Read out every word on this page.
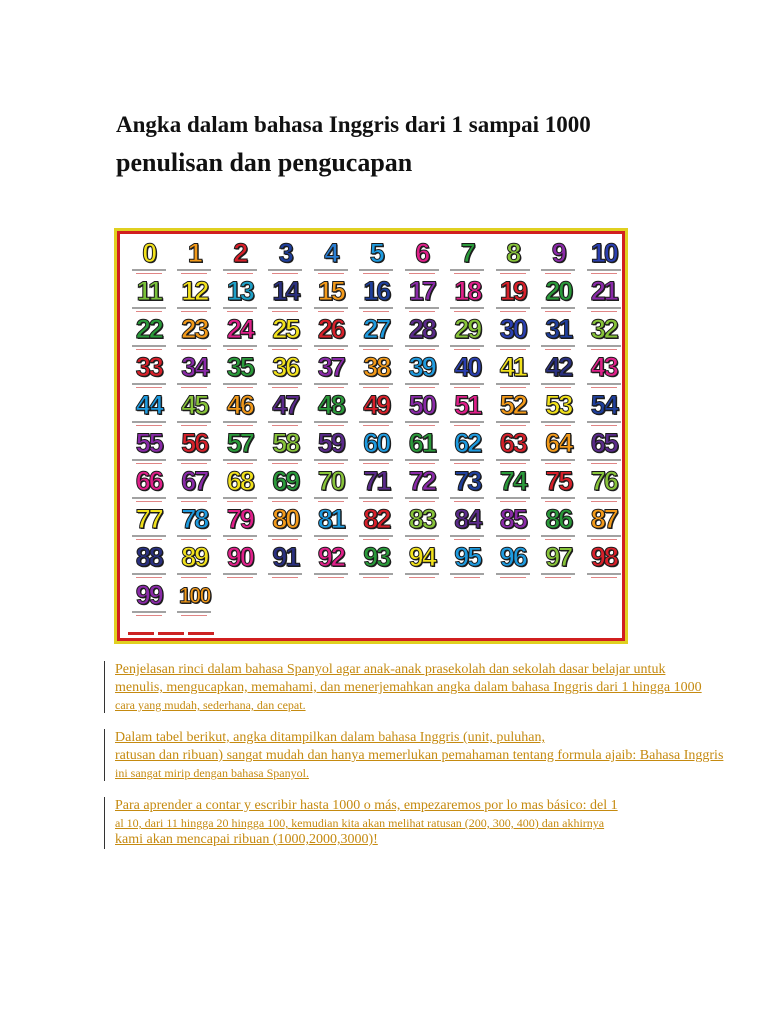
Angka dalam bahasa Inggris dari 1 sampai 1000
penulisan dan pengucapan
0	1	2	3	4	5	6	7	8	9 10
11 12 13 14 15 16 17 18 19 20 21
22 23 24 25 26 27 28 29 30 31 32
33 34 35 36 37 38 39 40 41 42 43
44 45 46 47 48 49 50 51 52 53 54
55 56 57 58 59 60 61 62 63 64 65
66 67 68 69 70 71 72 73 74 75 76
77 78 79 80 81 82 83 84 85 86 87
88 89 90 91 92 93 94 95 96 97 98
99 100
Penjelasan rinci dalam bahasa Spanyol agar anak-anak prasekolah dan sekolah dasar belajar untuk
menulis, mengucapkan, memahami, dan menerjemahkan angka dalam bahasa Inggris dari 1 hingga 1000
cara yang mudah, sederhana, dan cepat.
Dalam tabel berikut, angka ditampilkan dalam bahasa Inggris (unit, puluhan,
ratusan dan ribuan) sangat mudah dan hanya memerlukan pemahaman tentang formula ajaib: Bahasa Inggris
ini sangat mirip dengan bahasa Spanyol.
Para aprender a contar y escribir hasta 1000 o más, empezaremos por lo mas básico: del 1
al 10, dari 11 hingga 20 hingga 100, kemudian kita akan melihat ratusan (200, 300, 400) dan akhirnya
kami akan mencapai ribuan (1000,2000,3000)!
